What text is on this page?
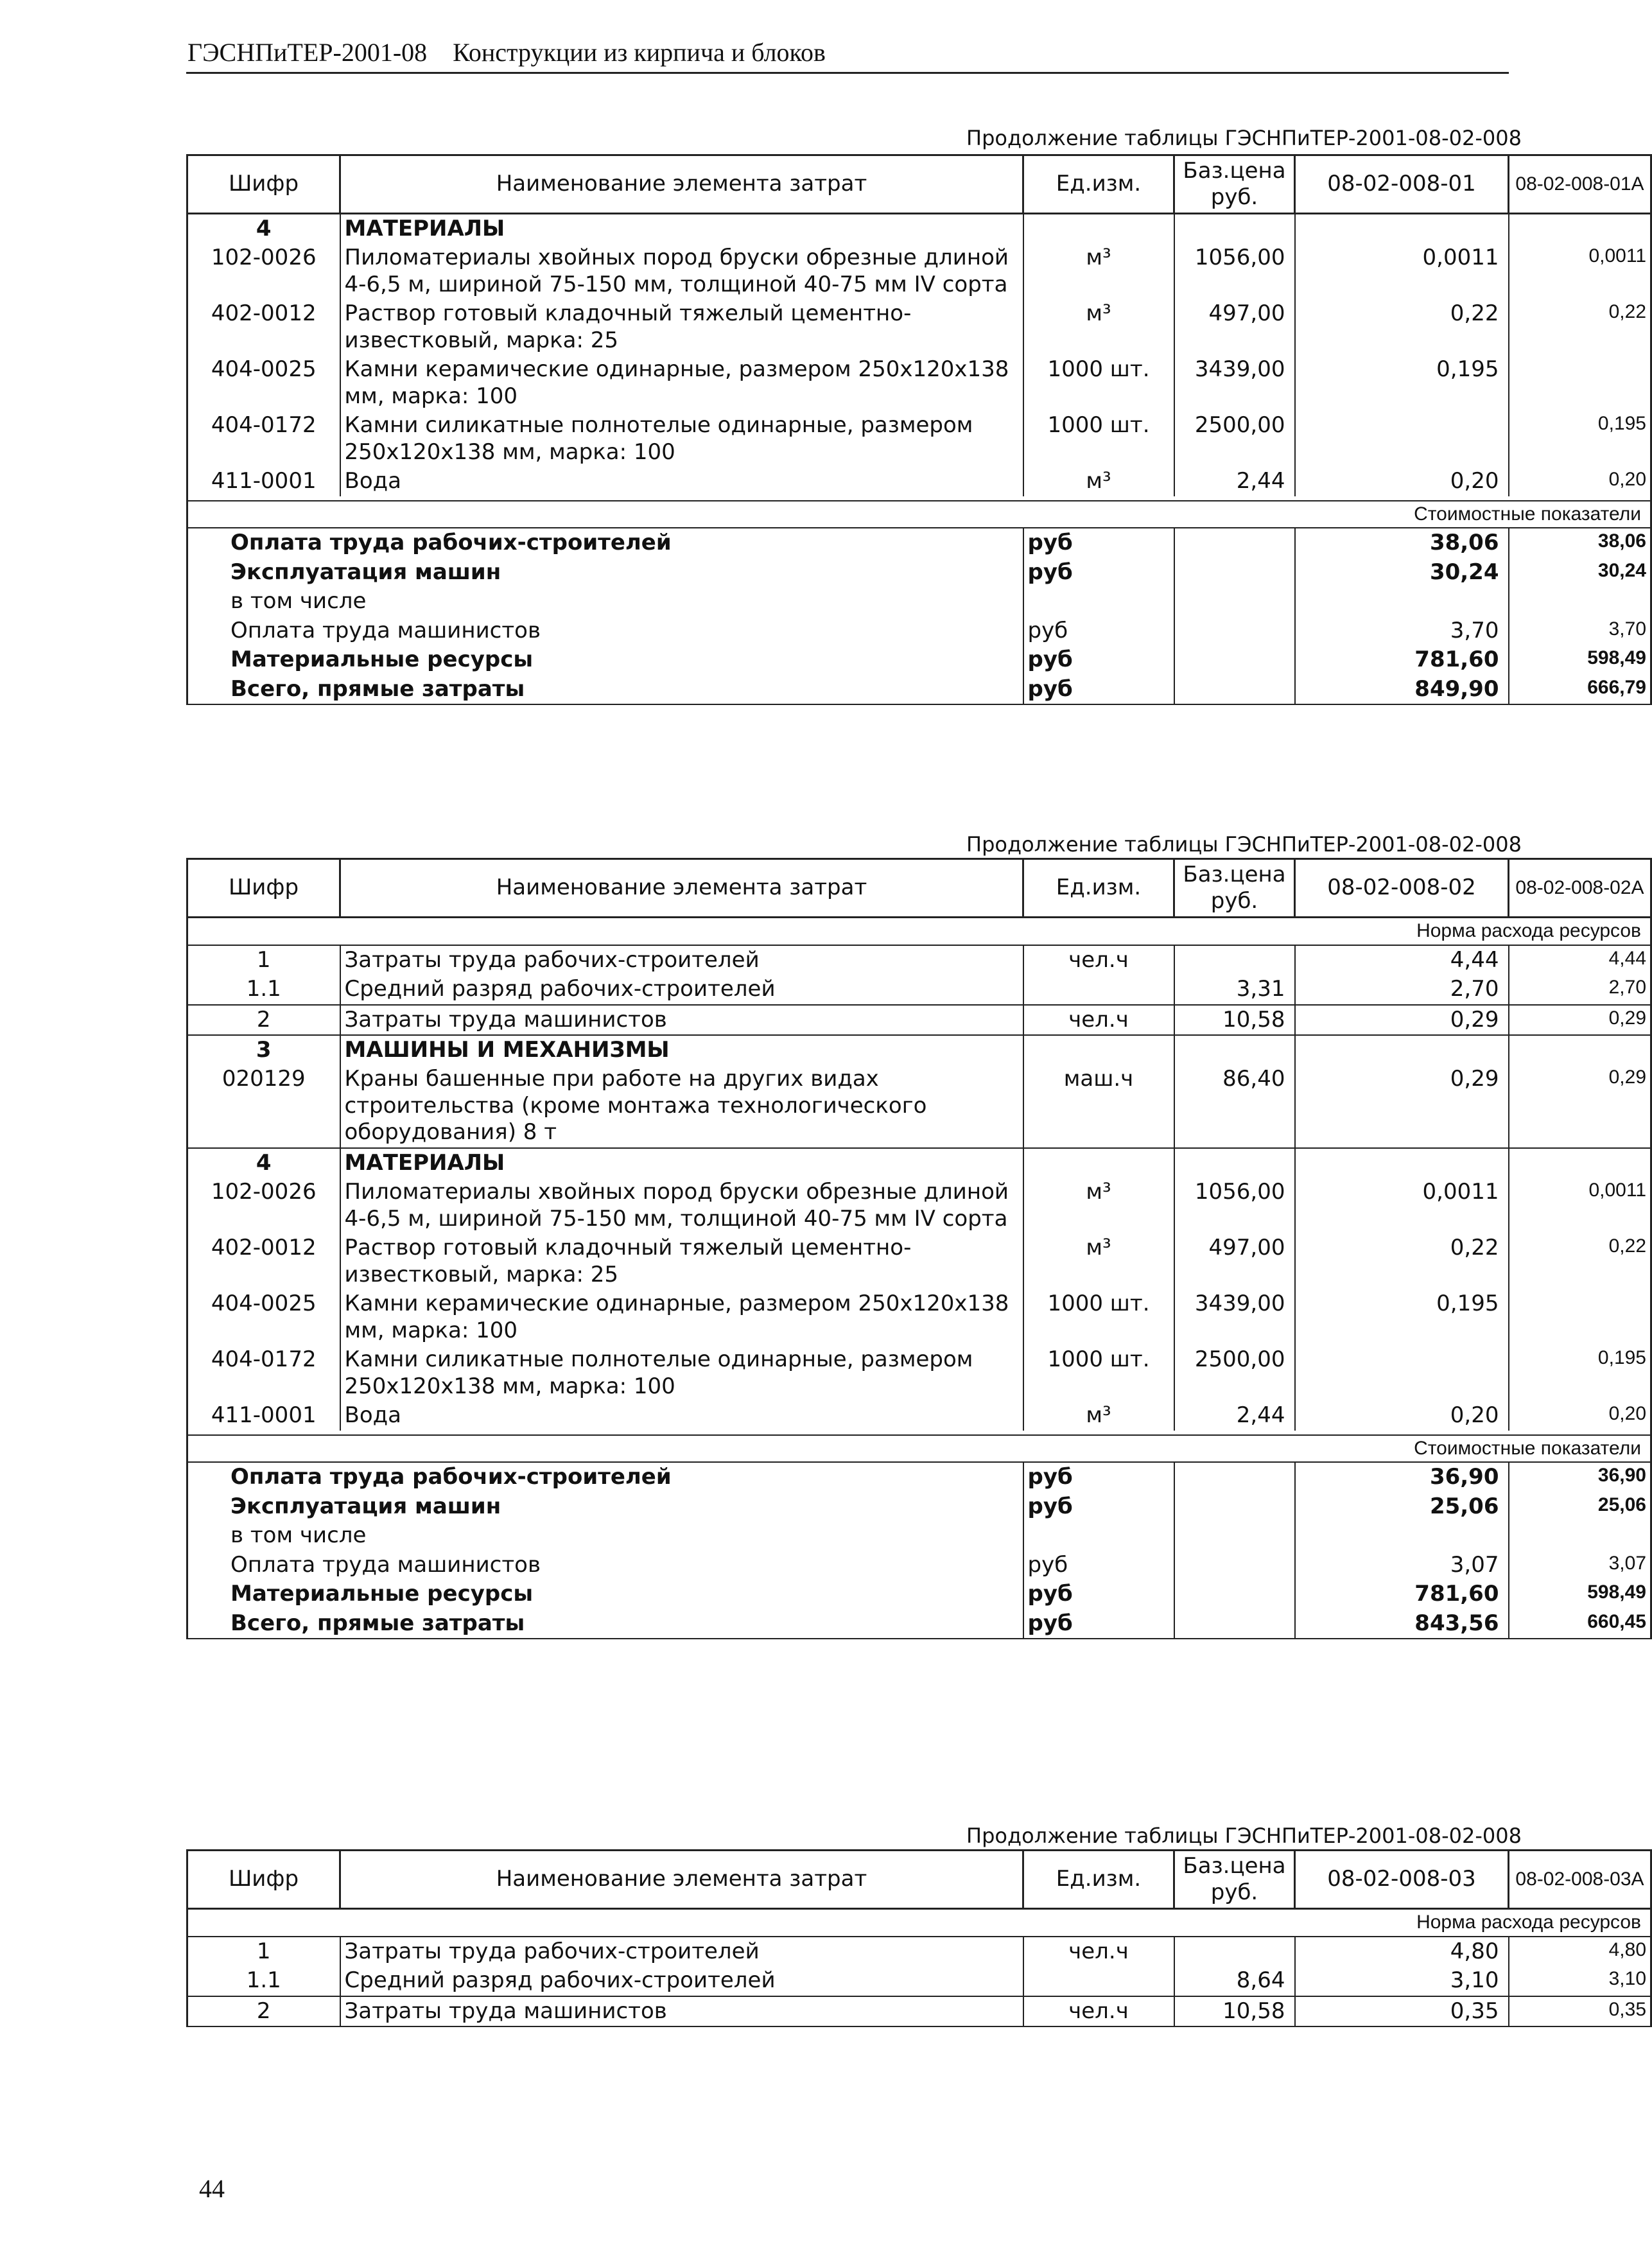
ГЭСНПиТЕР-2001-08 Конструкции из кирпича и блоков
Продолжение таблицы ГЭСНПиТЕР-2001-08-02-008
Шифр	Наименование элемента затрат	Ед.изм.	Баз.цена руб.	08-02-008-01	08-02-008-01А
4	МАТЕРИАЛЫ				
102-0026	Пиломатериалы хвойных пород бруски обрезные длиной 4-6,5 м, шириной 75-150 мм, толщиной 40-75 мм IV сорта	м³	1056,00	0,0011	0,0011
402-0012	Раствор готовый кладочный тяжелый цементно-известковый, марка: 25	м³	497,00	0,22	0,22
404-0025	Камни керамические одинарные, размером 250x120x138 мм, марка: 100	1000 шт.	3439,00	0,195	
404-0172	Камни силикатные полнотелые одинарные, размером 250x120x138 мм, марка: 100	1000 шт.	2500,00		0,195
411-0001	Вода	м³	2,44	0,20	0,20

Стоимостные показатели					
Оплата труда рабочих-строителей		руб		38,06	38,06
Эксплуатация машин		руб		30,24	30,24
в том числе					
Оплата труда машинистов		руб		3,70	3,70
Материальные ресурсы		руб		781,60	598,49
Всего, прямые затраты		руб		849,90	666,79
Продолжение таблицы ГЭСНПиТЕР-2001-08-02-008
Шифр	Наименование элемента затрат	Ед.изм.	Баз.цена руб.	08-02-008-02	08-02-008-02А
Норма расхода ресурсов					
1	Затраты труда рабочих-строителей	чел.ч		4,44	4,44
1.1	Средний разряд рабочих-строителей		3,31	2,70	2,70
2	Затраты труда машинистов	чел.ч	10,58	0,29	0,29
3	МАШИНЫ И МЕХАНИЗМЫ				
020129	Краны башенные при работе на других видах строительства (кроме монтажа технологического оборудования) 8 т	маш.ч	86,40	0,29	0,29
4	МАТЕРИАЛЫ				
102-0026	Пиломатериалы хвойных пород бруски обрезные длиной 4-6,5 м, шириной 75-150 мм, толщиной 40-75 мм IV сорта	м³	1056,00	0,0011	0,0011
402-0012	Раствор готовый кладочный тяжелый цементно-известковый, марка: 25	м³	497,00	0,22	0,22
404-0025	Камни керамические одинарные, размером 250x120x138 мм, марка: 100	1000 шт.	3439,00	0,195	
404-0172	Камни силикатные полнотелые одинарные, размером 250x120x138 мм, марка: 100	1000 шт.	2500,00		0,195
411-0001	Вода	м³	2,44	0,20	0,20

Стоимостные показатели					
Оплата труда рабочих-строителей		руб		36,90	36,90
Эксплуатация машин		руб		25,06	25,06
в том числе					
Оплата труда машинистов		руб		3,07	3,07
Материальные ресурсы		руб		781,60	598,49
Всего, прямые затраты		руб		843,56	660,45
Продолжение таблицы ГЭСНПиТЕР-2001-08-02-008
Шифр	Наименование элемента затрат	Ед.изм.	Баз.цена руб.	08-02-008-03	08-02-008-03А
Норма расхода ресурсов					
1	Затраты труда рабочих-строителей	чел.ч		4,80	4,80
1.1	Средний разряд рабочих-строителей		8,64	3,10	3,10
2	Затраты труда машинистов	чел.ч	10,58	0,35	0,35
44
